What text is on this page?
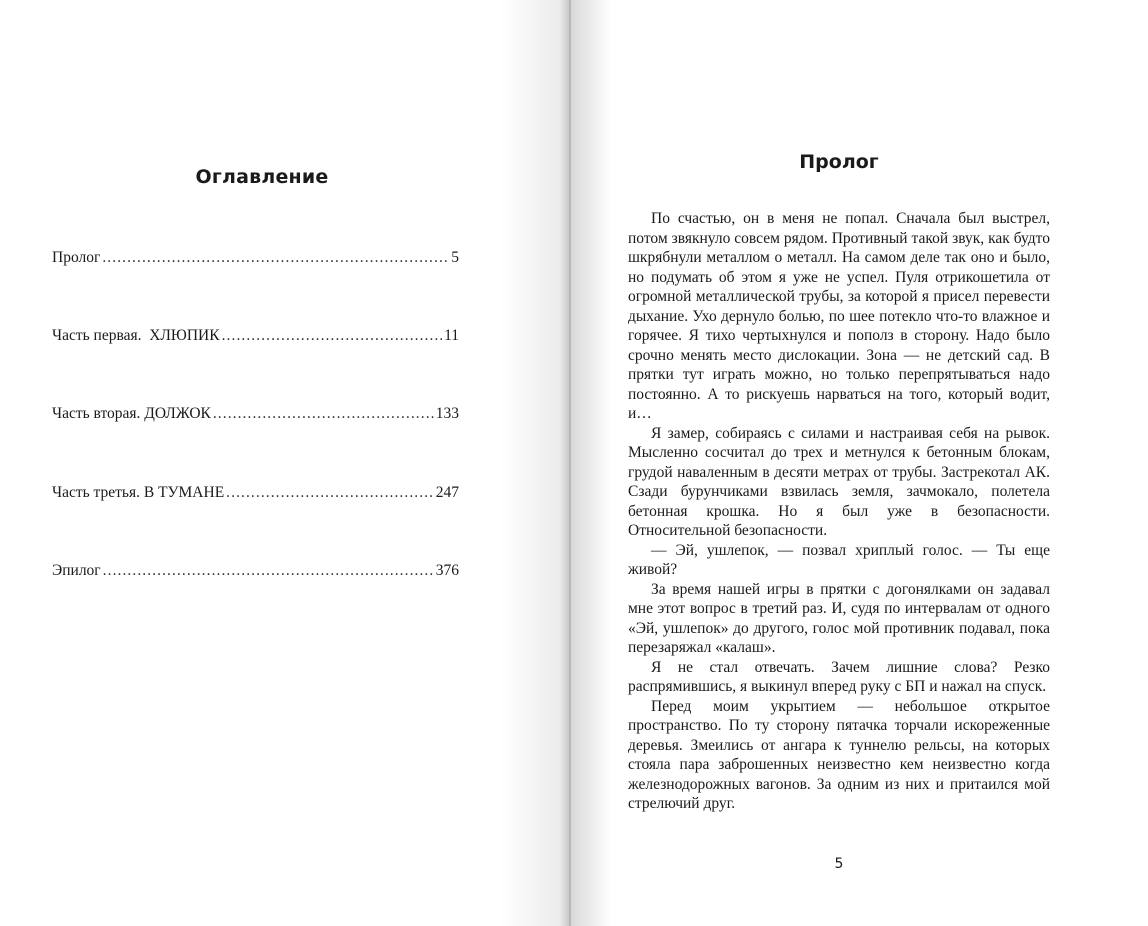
Оглавление
Пролог . . .	5
Часть первая.  ХЛЮПИК . . .	11
Часть вторая. ДОЛЖОК . . .	133
Часть третья. В ТУМАНЕ . . .	247
Эпилог . . .	376
Пролог

По счастью, он в меня не попал. Сначала был выстрел, потом звякнуло совсем рядом. Противный такой звук, как будто шкрябнули металлом о металл. На самом деле так оно и было, но подумать об этом я уже не успел. Пуля отрикошетила от огромной металлической трубы, за которой я присел перевести дыхание. Ухо дернуло болью, по шее потекло что-то влажное и горячее. Я тихо чертыхнулся и пополз в сторону. Надо было срочно менять место дислокации. Зона — не детский сад. В прятки тут играть можно, но только перепрятываться надо постоянно. А то рискуешь нарваться на того, который водит, и…

Я замер, собираясь с силами и настраивая себя на рывок. Мысленно сосчитал до трех и метнулся к бетонным блокам, грудой наваленным в десяти метрах от трубы. Застрекотал АК. Сзади бурунчиками взвилась земля, зачмокало, полетела бетонная крошка. Но я был уже в безопасности. Относительной безопасности.

— Эй, ушлепок, — позвал хриплый голос. — Ты еще живой?

За время нашей игры в прятки с догонялками он задавал мне этот вопрос в третий раз. И, судя по интервалам от одного «Эй, ушлепок» до другого, голос мой противник подавал, пока перезаряжал «калаш».

Я не стал отвечать. Зачем лишние слова? Резко распрямившись, я выкинул вперед руку с БП и нажал на спуск.

Перед моим укрытием — небольшое открытое пространство. По ту сторону пятачка торчали искореженные деревья. Змеились от ангара к туннелю рельсы, на которых стояла пара заброшенных неизвестно кем неизвестно когда железнодорожных вагонов. За одним из них и притаился мой стрелючий друг.

5
